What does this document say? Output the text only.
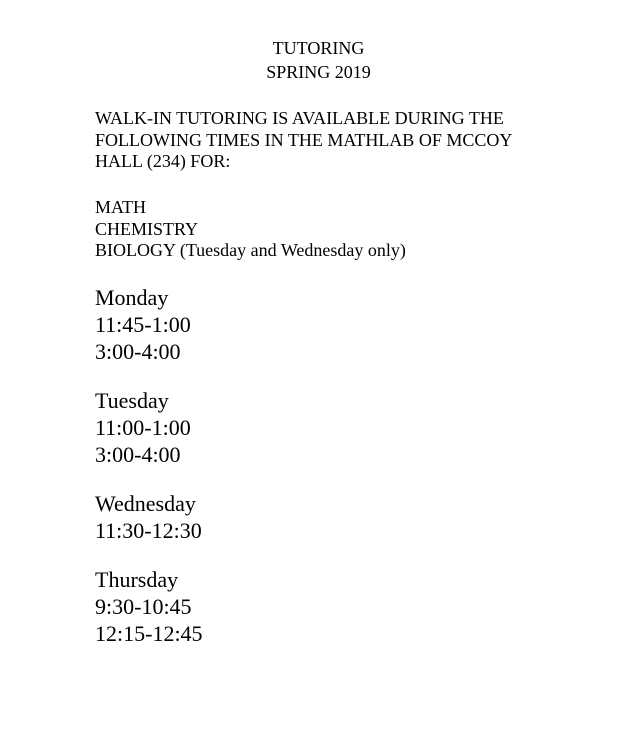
TUTORING
SPRING 2019
WALK-IN TUTORING IS AVAILABLE DURING THE
FOLLOWING TIMES IN THE MATHLAB OF MCCOY
HALL (234) FOR:
MATH
CHEMISTRY
BIOLOGY (Tuesday and Wednesday only)
Monday
11:45-1:00
3:00-4:00
Tuesday
11:00-1:00
3:00-4:00
Wednesday
11:30-12:30
Thursday
9:30-10:45
12:15-12:45
